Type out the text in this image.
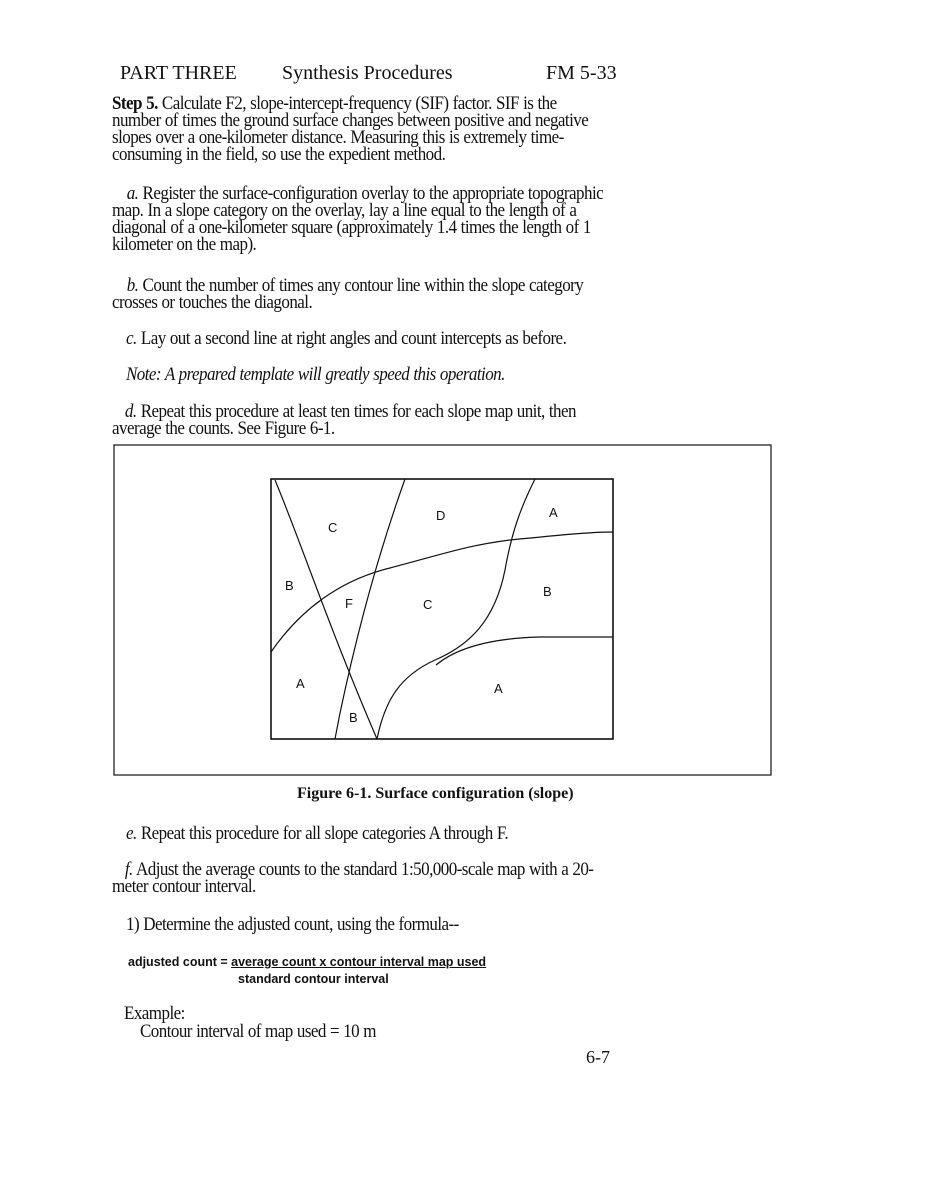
PART THREE Synthesis Procedures	FM 5-33
Step 5. Calculate F2, slope-intercept-frequency (SIF) factor. SIF is the number of times the ground surface changes between positive and negative slopes over a one-kilometer distance. Measuring this is extremely time-consuming in the field, so use the expedient method.
a. Register the surface-configuration overlay to the appropriate topographic map. In a slope category on the overlay, lay a line equal to the length of a diagonal of a one-kilometer square (approximately 1.4 times the length of 1 kilometer on the map).
b. Count the number of times any contour line within the slope category crosses or touches the diagonal.
c. Lay out a second line at right angles and count intercepts as before.
Note: A prepared template will greatly speed this operation.
d. Repeat this procedure at least ten times for each slope map unit, then average the counts. See Figure 6-1.
C
D	A
B
F	C
B
A	A
B
Figure 6-1. Surface configuration (slope)
e. Repeat this procedure for all slope categories A through F.
f. Adjust the average counts to the standard 1:50,000-scale map with a 20-meter contour interval.
1) Determine the adjusted count, using the formula--
adjusted count = average count x contour interval map used
standard contour interval
Example:
Contour interval of map used = 10 m
6-7
